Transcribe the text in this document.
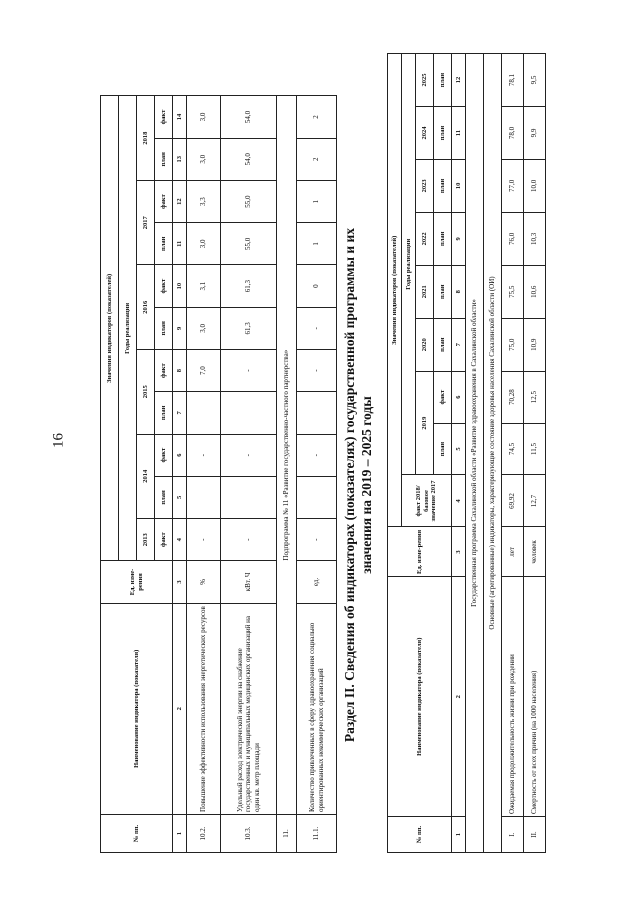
16
№ пп.	Наименование индикатора (показателя)	Ед. изме-рения	Значения индикаторов (показателей)										
			Годы реализации										
			2013	2014		2015		2016		2017		2018	
			факт	план	факт	план	факт	план	факт	план	факт	план	факт
1	2	3	4	5	6	7	8	9	10	11	12	13	14
10.2.	Повышение эффективности использования энергетических ресурсов	%	-		-		7,0	3,0	3,1	3,0	3,3	3,0	3,0
10.3.	Удельный расход электрической энергии на снабжение государственных и муниципальных медицинских организаций на один кв. метр площади	кВт. Ч	-		-		-	61,3	61,3	55,0	55,0	54,0	54,0
11.	Подпрограмма № 11 «Развитие государственно-частного партнерства»												
11.1.	Количество привлеченных в сферу здравоохранения социально ориентированных некоммерческих организаций	ед.	-		-		-	-	0	1	1	2	2
Раздел II. Сведения об индикаторах (показателях) государственной программы и их значения на 2019 – 2025 годы
№ пп.	Наименование индикатора (показателя)	Ед. изме-рения	Значения индикаторов (показателей)								
			факт 2018/ базовое значение 2017	Годы реализации							
				2019		2020	2021	2022	2023	2024	2025
				план	факт	план	план	план	план	план	план
1	2	3	4	5	6	7	8	9	10	11	12
Государственная программа Сахалинской области «Развитие здравоохранения в Сахалинской области»											
Основные (агрегированные) индикаторы, характеризующие состояние здоровья населения Сахалинской области (ОИ)											
I.	Ожидаемая продолжительность жизни при рождении	лет	69,92	74,5	70,28	75,0	75,5	76,0	77,0	78,0	78,1
II.	Смертность от всех причин (на 1000 населения)	человек	12,7	11,5	12,5	10,9	10,6	10,3	10,0	9,9	9,5
